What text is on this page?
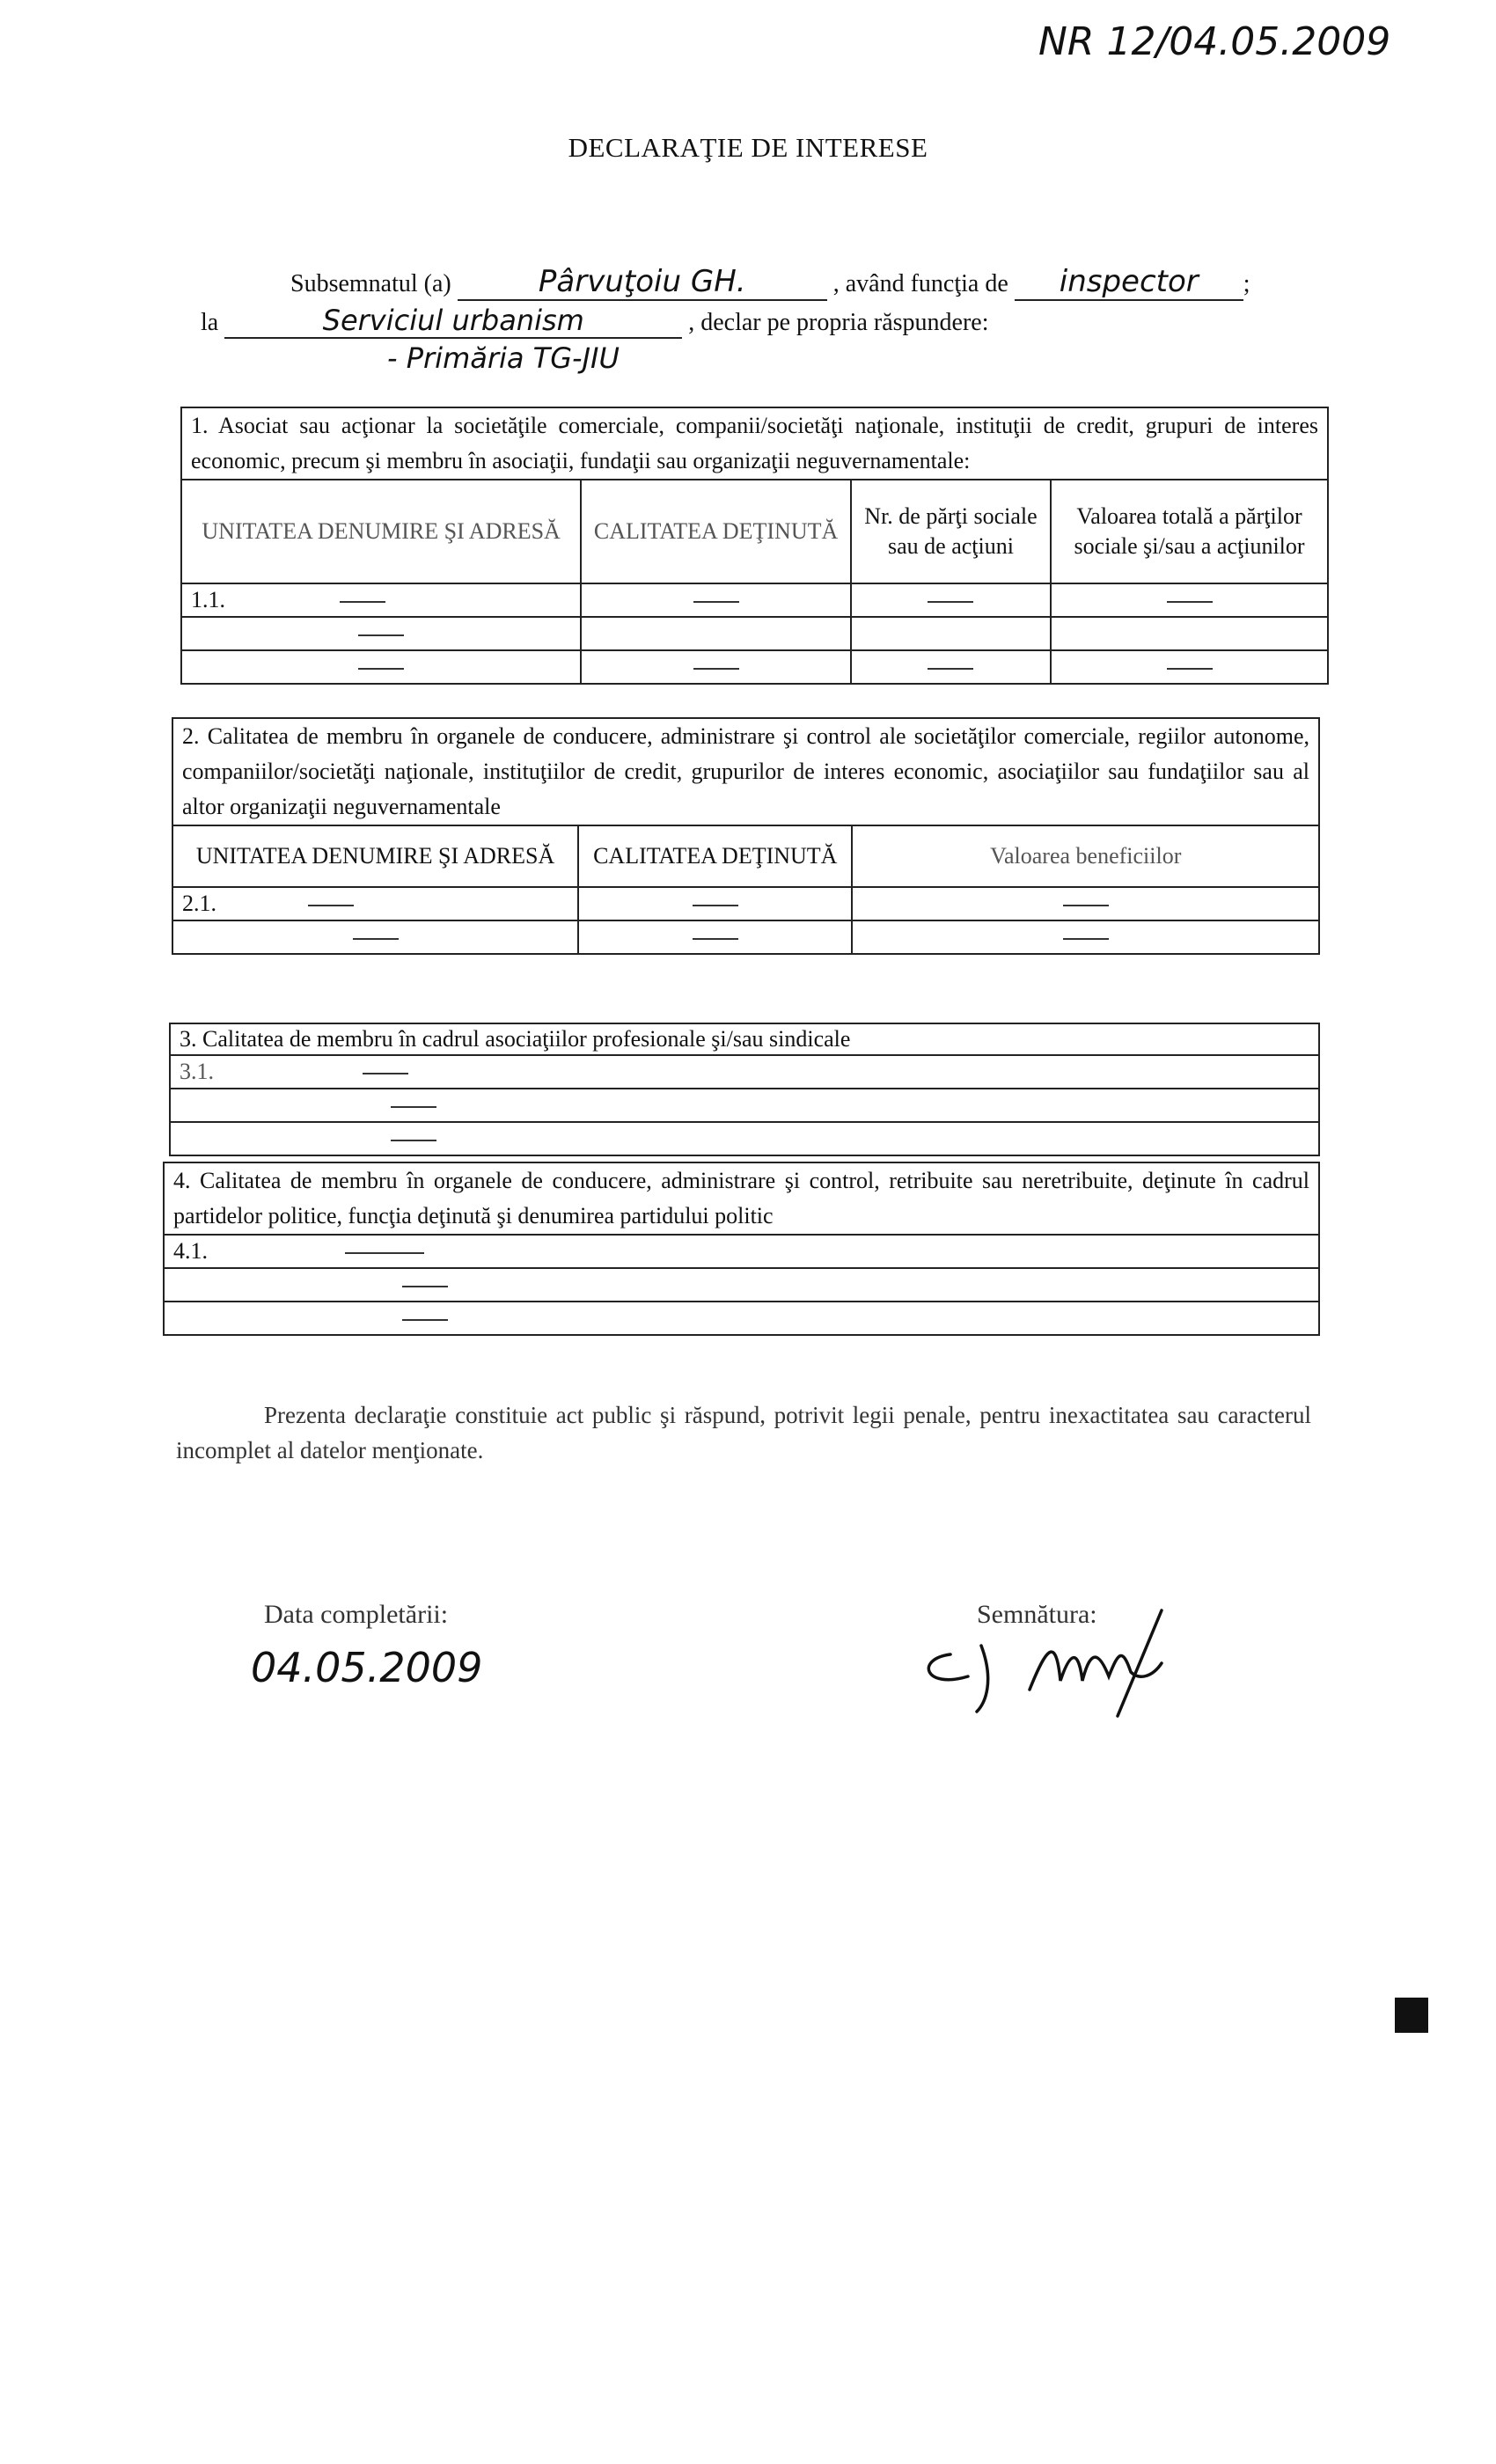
NR 12/04.05.2009
DECLARAŢIE DE INTERESE
Subsemnatul (a)	Pârvuţoiu GH.	, având funcţia de inspector ;
la	Serviciul urbanism	, declar pe propria răspundere:
- Primăria TG-JIU
1. Asociat sau acţionar la societăţile comerciale, companii/societăţi naţionale, instituţii de credit, grupuri de interes economic, precum şi membru în asociaţii, fundaţii sau organizaţii neguvernamentale:			
UNITATEA DENUMIRE ŞI ADRESĂ	CALITATEA DEŢINUTĂ	Nr. de părţi sociale sau de acţiuni	Valoarea totală a părţilor sociale şi/sau a acţiunilor
1.1.			

2. Calitatea de membru în organele de conducere, administrare şi control ale societăţilor comerciale, regiilor autonome, companiilor/societăţi naţionale, instituţiilor de credit, grupurilor de interes economic, asociaţiilor sau fundaţiilor sau al altor organizaţii neguvernamentale		
UNITATEA DENUMIRE ŞI ADRESĂ	CALITATEA DEŢINUTĂ	Valoarea beneficiilor
2.1.		

3. Calitatea de membru în cadrul asociaţiilor profesionale şi/sau sindicale
3.1.

4. Calitatea de membru în organele de conducere, administrare şi control, retribuite sau neretribuite, deţinute în cadrul partidelor politice, funcţia deţinută şi denumirea partidului politic
4.1.

Prezenta declaraţie constituie act public şi răspund, potrivit legii penale, pentru inexactitatea sau caracterul incomplet al datelor menţionate.
Data completării:
04.05.2009
Semnătura:
